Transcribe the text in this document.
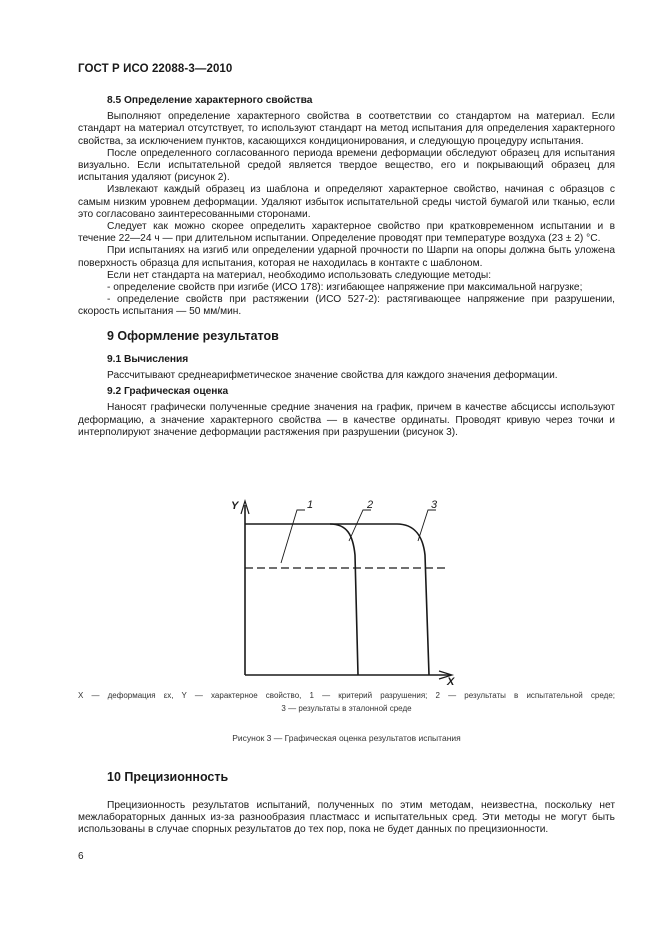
ГОСТ Р ИСО 22088-3—2010
8.5 Определение характерного свойства

Выполняют определение характерного свойства в соответствии со стандартом на материал. Если стандарт на материал отсутствует, то используют стандарт на метод испытания для определения характерного свойства, за исключением пунктов, касающихся кондиционирования, и следующую процедуру испытания.

После определенного согласованного периода времени деформации обследуют образец для испытания визуально. Если испытательной средой является твердое вещество, его и покрывающий образец для испытания удаляют (рисунок 2).

Извлекают каждый образец из шаблона и определяют характерное свойство, начиная с образцов с самым низким уровнем деформации. Удаляют избыток испытательной среды чистой бумагой или тканью, если это согласовано заинтересованными сторонами.

Следует как можно скорее определить характерное свойство при кратковременном испытании и в течение 22—24 ч — при длительном испытании. Определение проводят при температуре воздуха (23 ± 2) °С.

При испытаниях на изгиб или определении ударной прочности по Шарпи на опоры должна быть уложена поверхность образца для испытания, которая не находилась в контакте с шаблоном.

Если нет стандарта на материал, необходимо использовать следующие методы:

- определение свойств при изгибе (ИСО 178): изгибающее напряжение при максимальной нагрузке;

- определение свойств при растяжении (ИСО 527-2): растягивающее напряжение при разрушении, скорость испытания — 50 мм/мин.

9 Оформление результатов
9.1 Вычисления

Рассчитывают среднеарифметическое значение свойства для каждого значения деформации.

9.2 Графическая оценка

Наносят графически полученные средние значения на график, причем в качестве абсциссы используют деформацию, а значение характерного свойства — в качестве ординаты. Проводят кривую через точки и интерполируют значение деформации растяжения при разрушении (рисунок 3).

Y
X
1	2	3
X — деформация εx, Y — характерное свойство, 1 — критерий разрушения; 2 — результаты в испытательной среде;
3 — результаты в эталонной среде
Рисунок 3 — Графическая оценка результатов испытания
10 Прецизионность

Прецизионность результатов испытаний, полученных по этим методам, неизвестна, поскольку нет межлабораторных данных из-за разнообразия пластмасс и испытательных сред. Эти методы не могут быть использованы в случае спорных результатов до тех пор, пока не будет данных по прецизионности.

6
